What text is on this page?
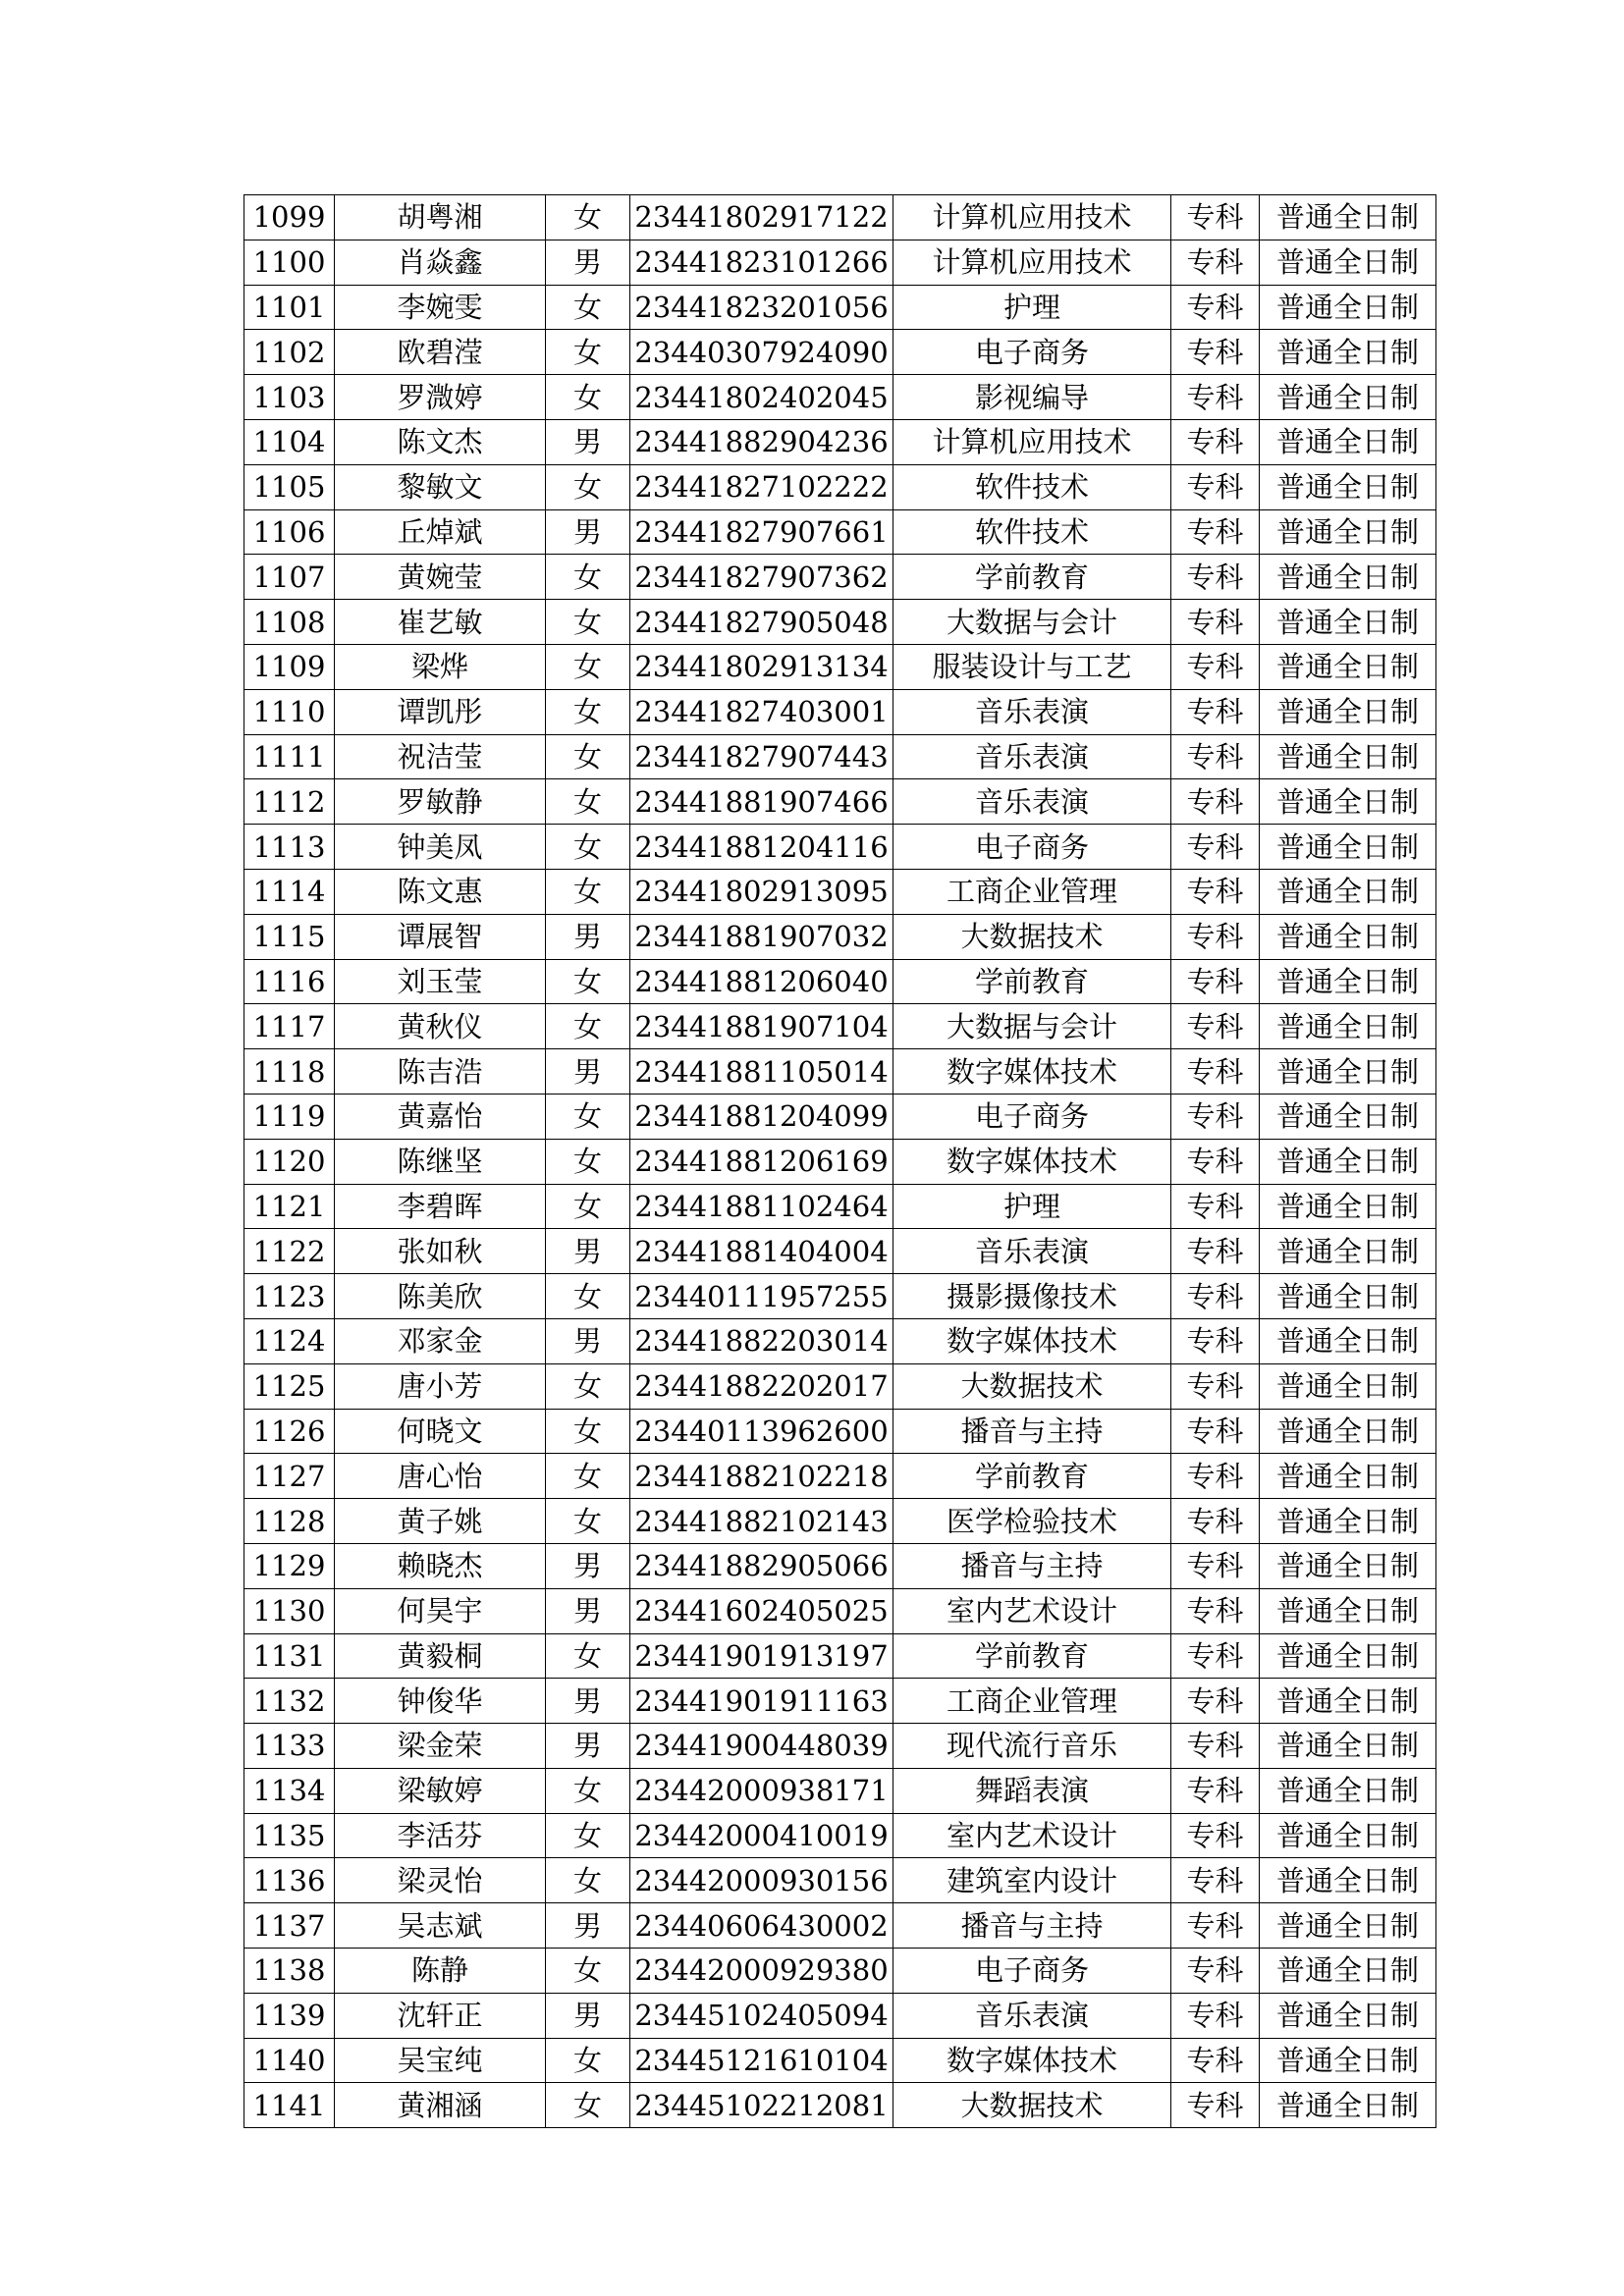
1099	胡粤湘	女	23441802917122	计算机应用技术	专科	普通全日制
1100	肖焱鑫	男	23441823101266	计算机应用技术	专科	普通全日制
1101	李婉雯	女	23441823201056	护理	专科	普通全日制
1102	欧碧滢	女	23440307924090	电子商务	专科	普通全日制
1103	罗溦婷	女	23441802402045	影视编导	专科	普通全日制
1104	陈文杰	男	23441882904236	计算机应用技术	专科	普通全日制
1105	黎敏文	女	23441827102222	软件技术	专科	普通全日制
1106	丘焯斌	男	23441827907661	软件技术	专科	普通全日制
1107	黄婉莹	女	23441827907362	学前教育	专科	普通全日制
1108	崔艺敏	女	23441827905048	大数据与会计	专科	普通全日制
1109	梁烨	女	23441802913134	服装设计与工艺	专科	普通全日制
1110	谭凯彤	女	23441827403001	音乐表演	专科	普通全日制
1111	祝洁莹	女	23441827907443	音乐表演	专科	普通全日制
1112	罗敏静	女	23441881907466	音乐表演	专科	普通全日制
1113	钟美凤	女	23441881204116	电子商务	专科	普通全日制
1114	陈文惠	女	23441802913095	工商企业管理	专科	普通全日制
1115	谭展智	男	23441881907032	大数据技术	专科	普通全日制
1116	刘玉莹	女	23441881206040	学前教育	专科	普通全日制
1117	黄秋仪	女	23441881907104	大数据与会计	专科	普通全日制
1118	陈吉浩	男	23441881105014	数字媒体技术	专科	普通全日制
1119	黄嘉怡	女	23441881204099	电子商务	专科	普通全日制
1120	陈继坚	女	23441881206169	数字媒体技术	专科	普通全日制
1121	李碧晖	女	23441881102464	护理	专科	普通全日制
1122	张如秋	男	23441881404004	音乐表演	专科	普通全日制
1123	陈美欣	女	23440111957255	摄影摄像技术	专科	普通全日制
1124	邓家金	男	23441882203014	数字媒体技术	专科	普通全日制
1125	唐小芳	女	23441882202017	大数据技术	专科	普通全日制
1126	何晓文	女	23440113962600	播音与主持	专科	普通全日制
1127	唐心怡	女	23441882102218	学前教育	专科	普通全日制
1128	黄子姚	女	23441882102143	医学检验技术	专科	普通全日制
1129	赖晓杰	男	23441882905066	播音与主持	专科	普通全日制
1130	何昊宇	男	23441602405025	室内艺术设计	专科	普通全日制
1131	黄毅桐	女	23441901913197	学前教育	专科	普通全日制
1132	钟俊华	男	23441901911163	工商企业管理	专科	普通全日制
1133	梁金荣	男	23441900448039	现代流行音乐	专科	普通全日制
1134	梁敏婷	女	23442000938171	舞蹈表演	专科	普通全日制
1135	李活芬	女	23442000410019	室内艺术设计	专科	普通全日制
1136	梁灵怡	女	23442000930156	建筑室内设计	专科	普通全日制
1137	吴志斌	男	23440606430002	播音与主持	专科	普通全日制
1138	陈静	女	23442000929380	电子商务	专科	普通全日制
1139	沈轩正	男	23445102405094	音乐表演	专科	普通全日制
1140	吴宝纯	女	23445121610104	数字媒体技术	专科	普通全日制
1141	黄湘涵	女	23445102212081	大数据技术	专科	普通全日制
